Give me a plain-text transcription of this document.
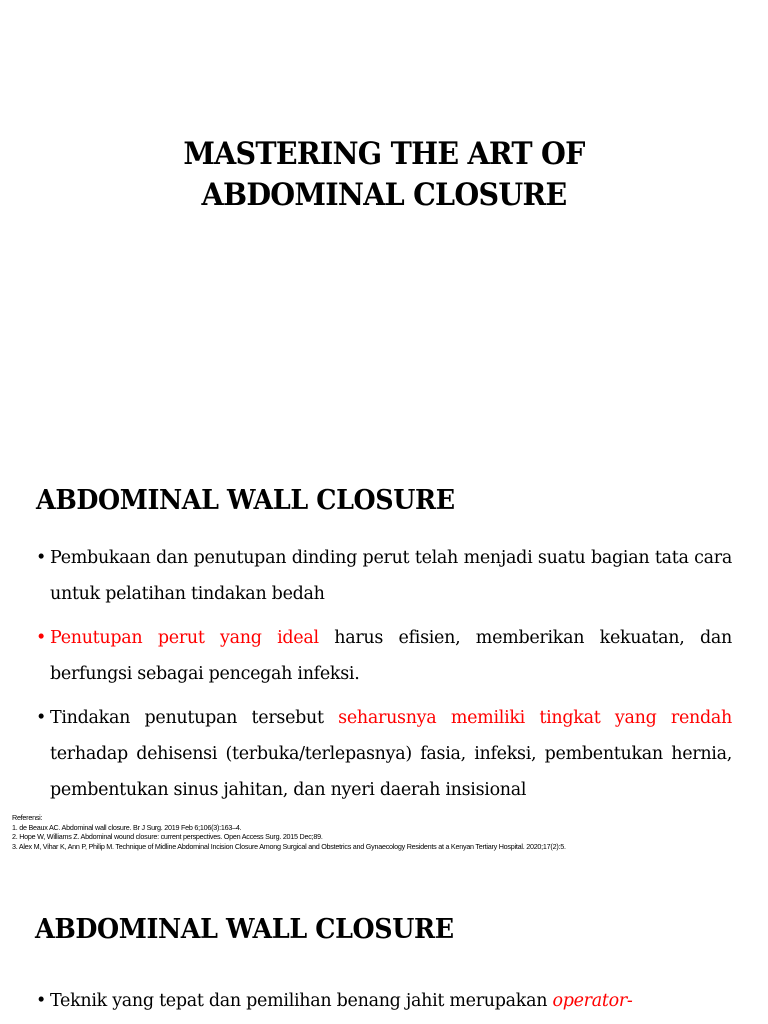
MASTERING THE ART OF
ABDOMINAL CLOSURE
ABDOMINAL WALL CLOSURE
• Pembukaan dan penutupan dinding perut telah menjadi suatu bagian tata cara untuk pelatihan tindakan bedah
• Penutupan perut yang ideal harus efisien, memberikan kekuatan, dan berfungsi sebagai pencegah infeksi.
• Tindakan penutupan tersebut seharusnya memiliki tingkat yang rendah terhadap dehisensi (terbuka/terlepasnya) fasia, infeksi, pembentukan hernia, pembentukan sinus jahitan, dan nyeri daerah insisional
Referensi:
1. de Beaux AC. Abdominal wall closure. Br J Surg. 2019 Feb 6;106(3):163–4.
2. Hope W, Williams Z. Abdominal wound closure: current perspectives. Open Access Surg. 2015 Dec;89.
3. Alex M, Vihar K, Ann P, Philip M. Technique of Midline Abdominal Incision Closure Among Surgical and Obstetrics and Gynaecology Residents at a Kenyan Tertiary Hospital. 2020;17(2):5.
ABDOMINAL WALL CLOSURE
• Teknik yang tepat dan pemilihan benang jahit merupakan operator-
